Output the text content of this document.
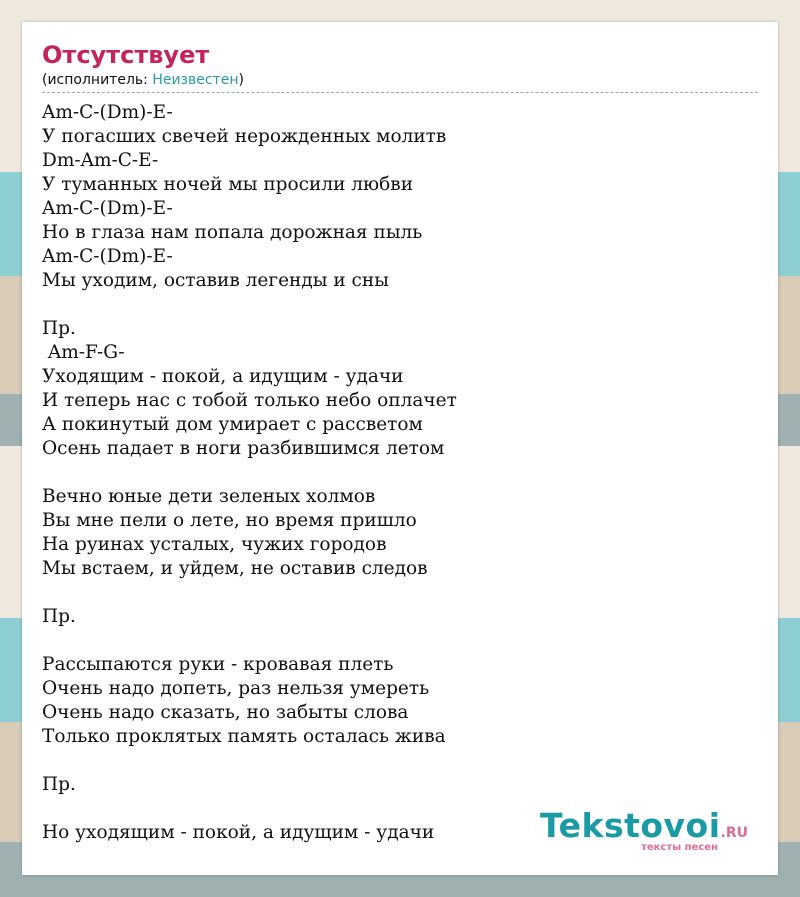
Отсутствует
(исполнитель: Неизвестен)
Am-C-(Dm)-E-
У погасших свечей нерожденных молитв
Dm-Am-C-E-
У туманных ночей мы просили любви
Am-C-(Dm)-E-
Но в глаза нам попала дорожная пыль
Am-C-(Dm)-E-
Мы уходим, оставив легенды и сны
Пр.
Am-F-G-
Уходящим - покой, а идущим - удачи
И теперь нас с тобой только небо оплачет
А покинутый дом умирает с рассветом
Осень падает в ноги разбившимся летом
Вечно юные дети зеленых холмов
Вы мне пели о лете, но время пришло
На руинах усталых, чужих городов
Мы встаем, и уйдем, не оставив следов
Пр.
Рассыпаются руки - кровавая плеть
Очень надо допеть, раз нельзя умереть
Очень надо сказать, но забыты слова
Только проклятых память осталась жива
Пр.
Но уходящим - покой, а идущим - удачи	Tekstovoi.RU
тексты песен
